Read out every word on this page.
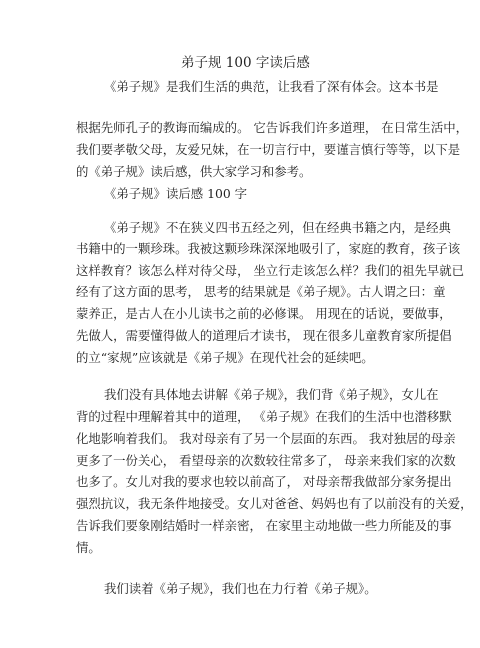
弟子规 100 字读后感
《弟子规》是我们生活的典范，让我看了深有体会。这本书是
根据先师孔子的教诲而编成的。 它告诉我们许多道理， 在日常生活中，
我们要孝敬父母，友爱兄妹，在一切言行中，要谨言慎行等等，以下是
的《弟子规》读后感，供大家学习和参考。
《弟子规》读后感 100 字
《弟子规》不在狭义四书五经之列，但在经典书籍之内，是经典
书籍中的一颗珍珠。我被这颗珍珠深深地吸引了，家庭的教育，孩子该
这样教育？该怎么样对待父母， 坐立行走该怎么样？我们的祖先早就已
经有了这方面的思考， 思考的结果就是《弟子规》。古人谓之曰：童
蒙养正，是古人在小儿读书之前的必修课。 用现在的话说，要做事，
先做人，需要懂得做人的道理后才读书， 现在很多儿童教育家所提倡
的立“家规”应该就是《弟子规》在现代社会的延续吧。
我们没有具体地去讲解《弟子规》，我们背《弟子规》，女儿在
背的过程中理解着其中的道理， 《弟子规》在我们的生活中也潜移默
化地影响着我们。 我对母亲有了另一个层面的东西。 我对独居的母亲
更多了一份关心， 看望母亲的次数较往常多了， 母亲来我们家的次数
也多了。女儿对我的要求也较以前高了， 对母亲帮我做部分家务提出
强烈抗议，我无条件地接受。女儿对爸爸、妈妈也有了以前没有的关爱，
告诉我们要象刚结婚时一样亲密， 在家里主动地做一些力所能及的事
情。
我们读着《弟子规》，我们也在力行着《弟子规》。
